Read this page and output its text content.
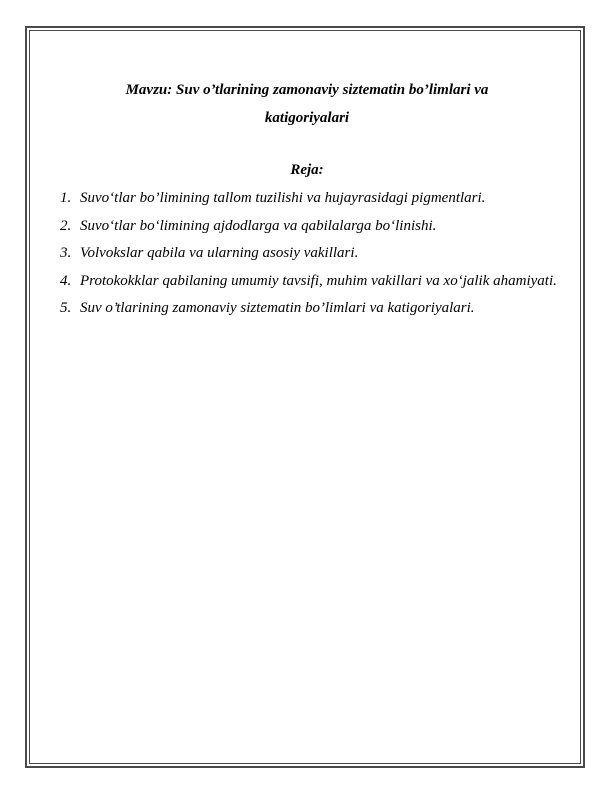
Mavzu: Suv o’tlarining zamonaviy siztematin bo’limlari va
katigoriyalari
Reja:
1. Suvo‘tlar bo’limining tallom tuzilishi va hujayrasidagi pigmentlari.
2. Suvo‘tlar bo‘limining ajdodlarga va qabilalarga bo‘linishi.
3. Volvokslar qabila va ularning asosiy vakillari.
4. Protokokklar qabilaning umumiy tavsifi, muhim vakillari va xo‘jalik ahamiyati.
5. Suv o’tlarining zamonaviy siztematin bo’limlari va katigoriyalari.
